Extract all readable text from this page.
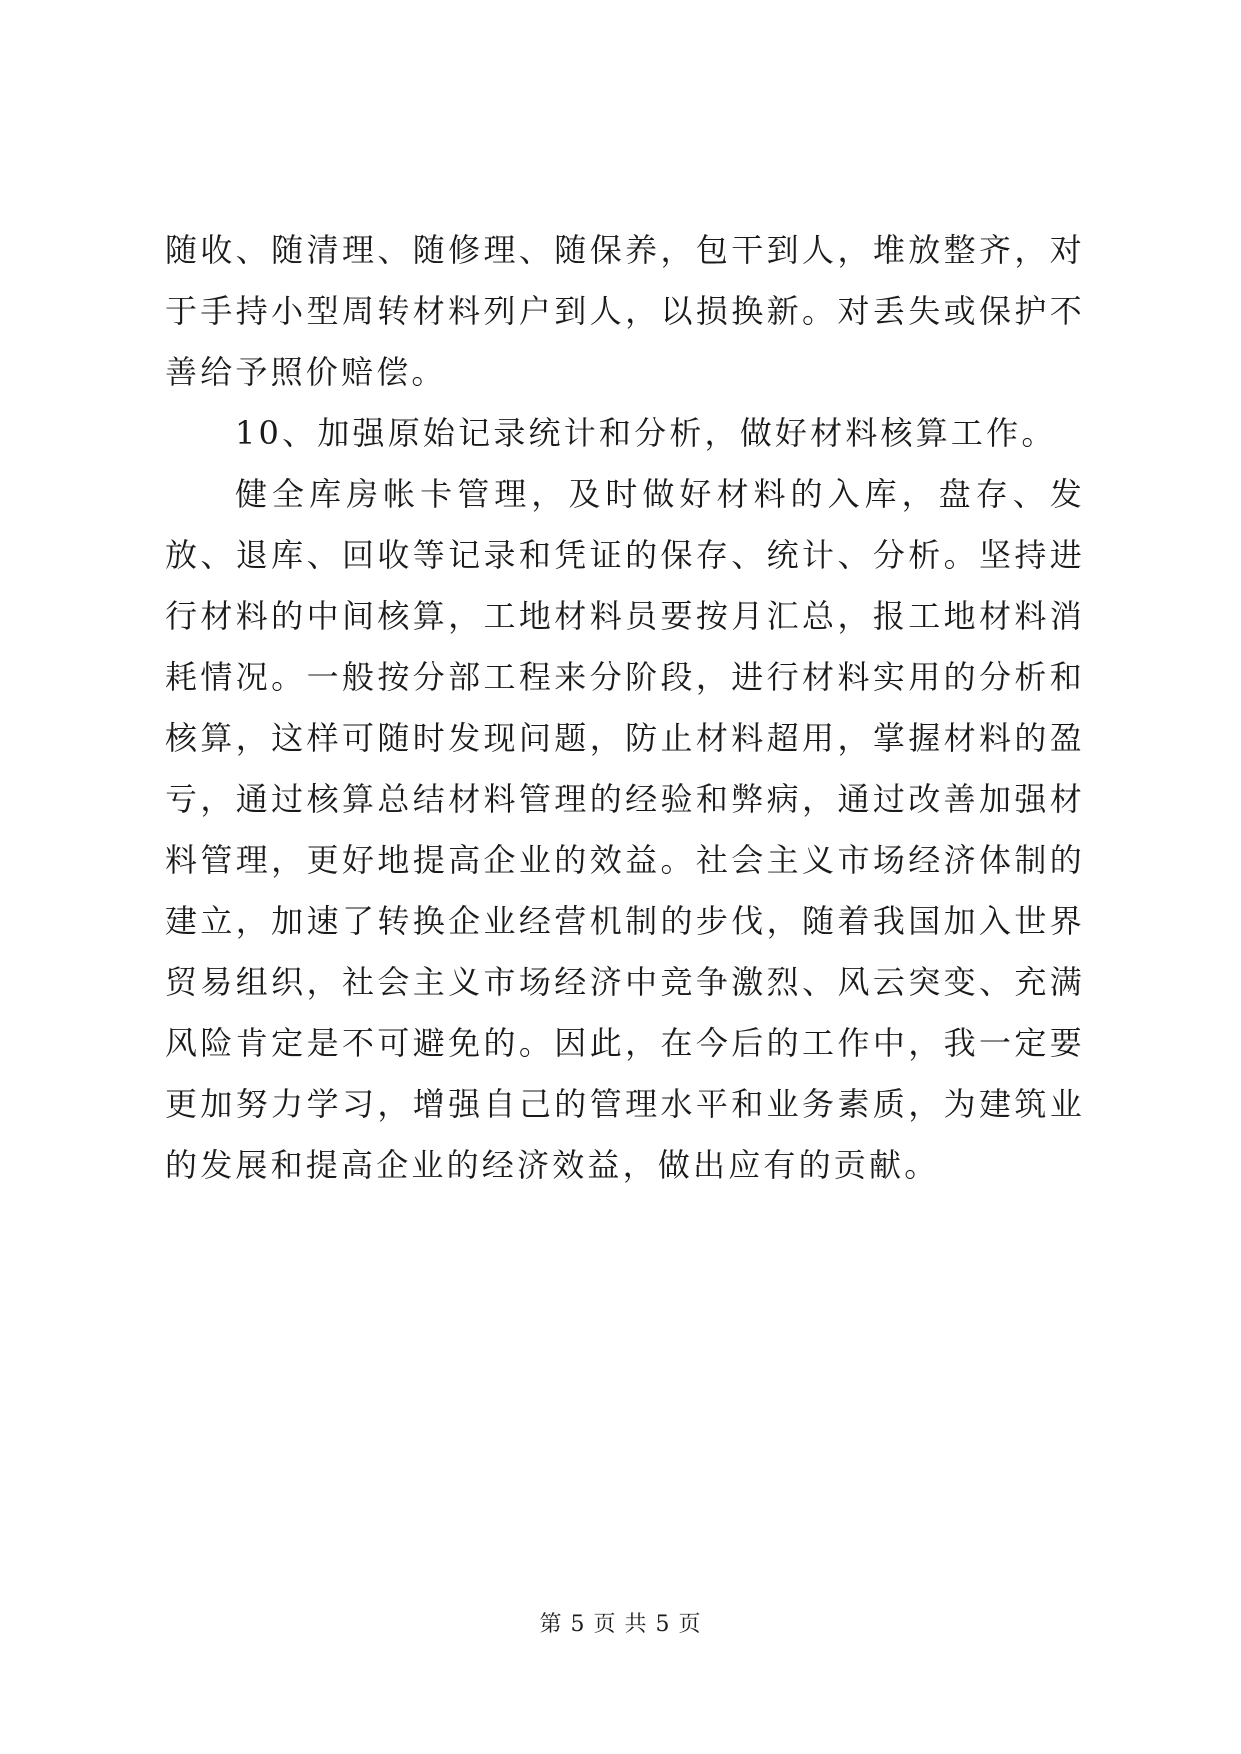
随收、随清理、随修理、随保养，包干到人，堆放整齐，对于手持小型周转材料列户到人，以损换新。对丢失或保护不善给予照价赔偿。

10、加强原始记录统计和分析，做好材料核算工作。

健全库房帐卡管理，及时做好材料的入库，盘存、发放、退库、回收等记录和凭证的保存、统计、分析。坚持进行材料的中间核算，工地材料员要按月汇总，报工地材料消耗情况。一般按分部工程来分阶段，进行材料实用的分析和核算，这样可随时发现问题，防止材料超用，掌握材料的盈亏，通过核算总结材料管理的经验和弊病，通过改善加强材料管理，更好地提高企业的效益。社会主义市场经济体制的建立，加速了转换企业经营机制的步伐，随着我国加入世界贸易组织，社会主义市场经济中竞争激烈、风云突变、充满风险肯定是不可避免的。因此，在今后的工作中，我一定要更加努力学习，增强自己的管理水平和业务素质，为建筑业的发展和提高企业的经济效益，做出应有的贡献。

第 5 页 共 5 页
